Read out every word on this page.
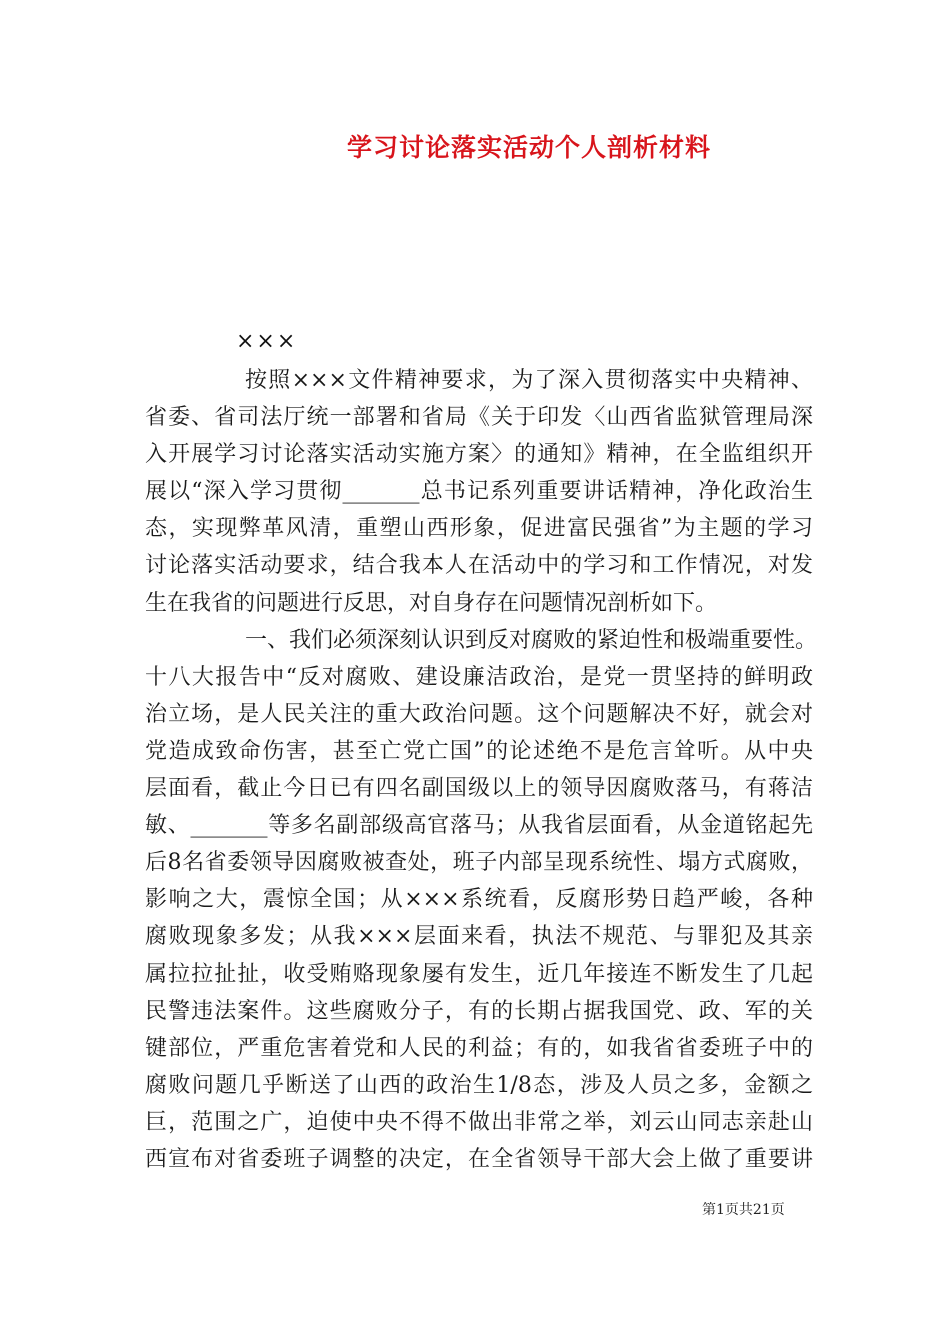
学习讨论落实活动个人剖析材料
×××
按照×××文件精神要求，为了深入贯彻落实中央精神、
省委、省司法厅统一部署和省局《关于印发〈山西省监狱管理局深
入开展学习讨论落实活动实施方案〉的通知》精神，在全监组织开
展以“深入学习贯彻_______总书记系列重要讲话精神，净化政治生
态，实现弊革风清，重塑山西形象，促进富民强省”为主题的学习
讨论落实活动要求，结合我本人在活动中的学习和工作情况，对发
生在我省的问题进行反思，对自身存在问题情况剖析如下。
一、我们必须深刻认识到反对腐败的紧迫性和极端重要性。
十八大报告中“反对腐败、建设廉洁政治，是党一贯坚持的鲜明政
治立场，是人民关注的重大政治问题。这个问题解决不好，就会对
党造成致命伤害，甚至亡党亡国”的论述绝不是危言耸听。从中央
层面看，截止今日已有四名副国级以上的领导因腐败落马，有蒋洁
敏、_______等多名副部级高官落马；从我省层面看，从金道铭起先
后8名省委领导因腐败被查处，班子内部呈现系统性、塌方式腐败，
影响之大，震惊全国；从×××系统看，反腐形势日趋严峻，各种
腐败现象多发；从我×××层面来看，执法不规范、与罪犯及其亲
属拉拉扯扯，收受贿赂现象屡有发生，近几年接连不断发生了几起
民警违法案件。这些腐败分子，有的长期占据我国党、政、军的关
键部位，严重危害着党和人民的利益；有的，如我省省委班子中的
腐败问题几乎断送了山西的政治生1/8态，涉及人员之多，金额之
巨，范围之广，迫使中央不得不做出非常之举，刘云山同志亲赴山
西宣布对省委班子调整的决定，在全省领导干部大会上做了重要讲
第1页共21页
